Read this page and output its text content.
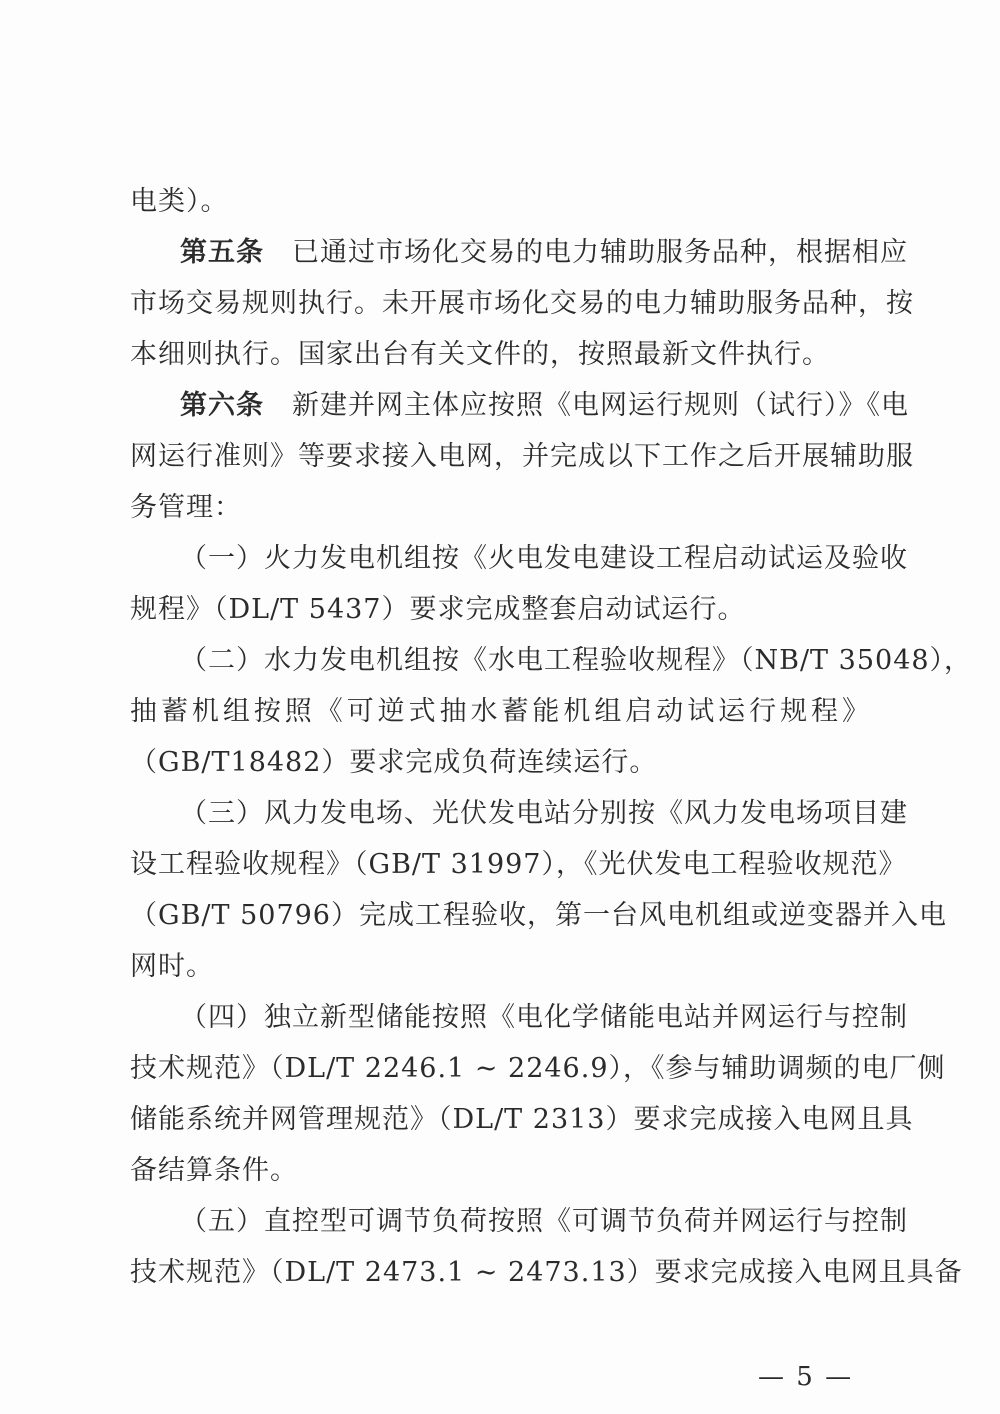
电类）。
第五条 已通过市场化交易的电力辅助服务品种，根据相应
市场交易规则执行。未开展市场化交易的电力辅助服务品种，按
本细则执行。国家出台有关文件的，按照最新文件执行。
第六条 新建并网主体应按照《电网运行规则（试行）》《电
网运行准则》等要求接入电网，并完成以下工作之后开展辅助服
务管理：
（一）火力发电机组按《火电发电建设工程启动试运及验收
规程》（DL/T 5437）要求完成整套启动试运行。
（二）水力发电机组按《水电工程验收规程》（NB/T 35048），
抽蓄机组按照《可逆式抽水蓄能机组启动试运行规程》
（GB/T18482）要求完成负荷连续运行。
（三）风力发电场、光伏发电站分别按《风力发电场项目建
设工程验收规程》（GB/T 31997），《光伏发电工程验收规范》
（GB/T 50796）完成工程验收，第一台风电机组或逆变器并入电
网时。
（四）独立新型储能按照《电化学储能电站并网运行与控制
技术规范》（DL/T 2246.1 ~ 2246.9），《参与辅助调频的电厂侧
储能系统并网管理规范》（DL/T 2313）要求完成接入电网且具
备结算条件。
（五）直控型可调节负荷按照《可调节负荷并网运行与控制
技术规范》（DL/T 2473.1 ~ 2473.13）要求完成接入电网且具备
— 5 —
